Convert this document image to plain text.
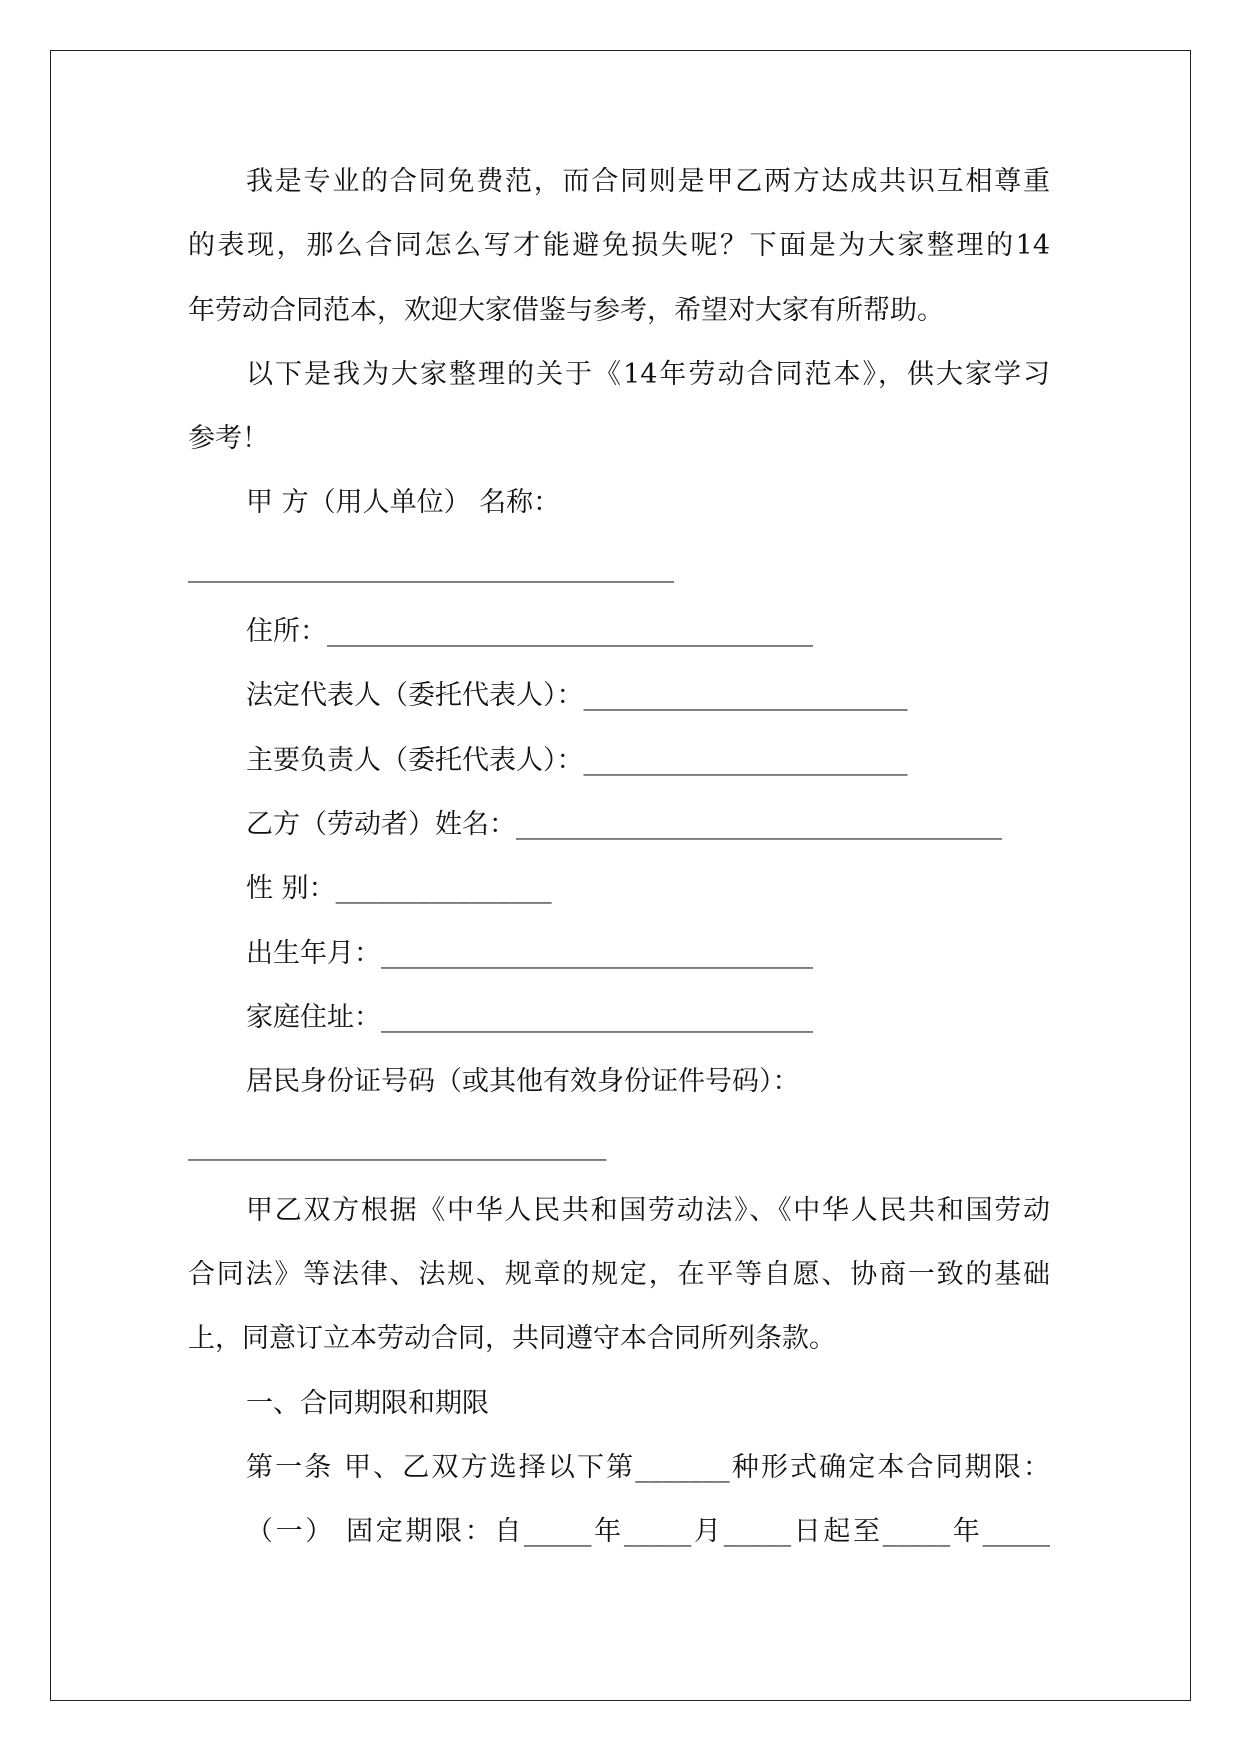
我是专业的合同免费范，而合同则是甲乙两方达成共识互相尊重
的表现，那么合同怎么写才能避免损失呢？下面是为大家整理的14
年劳动合同范本，欢迎大家借鉴与参考，希望对大家有所帮助。
以下是我为大家整理的关于《14年劳动合同范本》，供大家学习
参考！
甲 方（用人单位） 名称：
____________________________________
住所：____________________________________
法定代表人（委托代表人）：________________________
主要负责人（委托代表人）：________________________
乙方（劳动者）姓名：____________________________________
性 别：________________
出生年月：________________________________
家庭住址：________________________________
居民身份证号码（或其他有效身份证件号码）：
_______________________________
甲乙双方根据《中华人民共和国劳动法》、《中华人民共和国劳动
合同法》等法律、法规、规章的规定，在平等自愿、协商一致的基础
上，同意订立本劳动合同，共同遵守本合同所列条款。
一、合同期限和期限
第一条 甲、乙双方选择以下第_______种形式确定本合同期限：
（一） 固定期限：自_____年_____月_____日起至_____年_____
